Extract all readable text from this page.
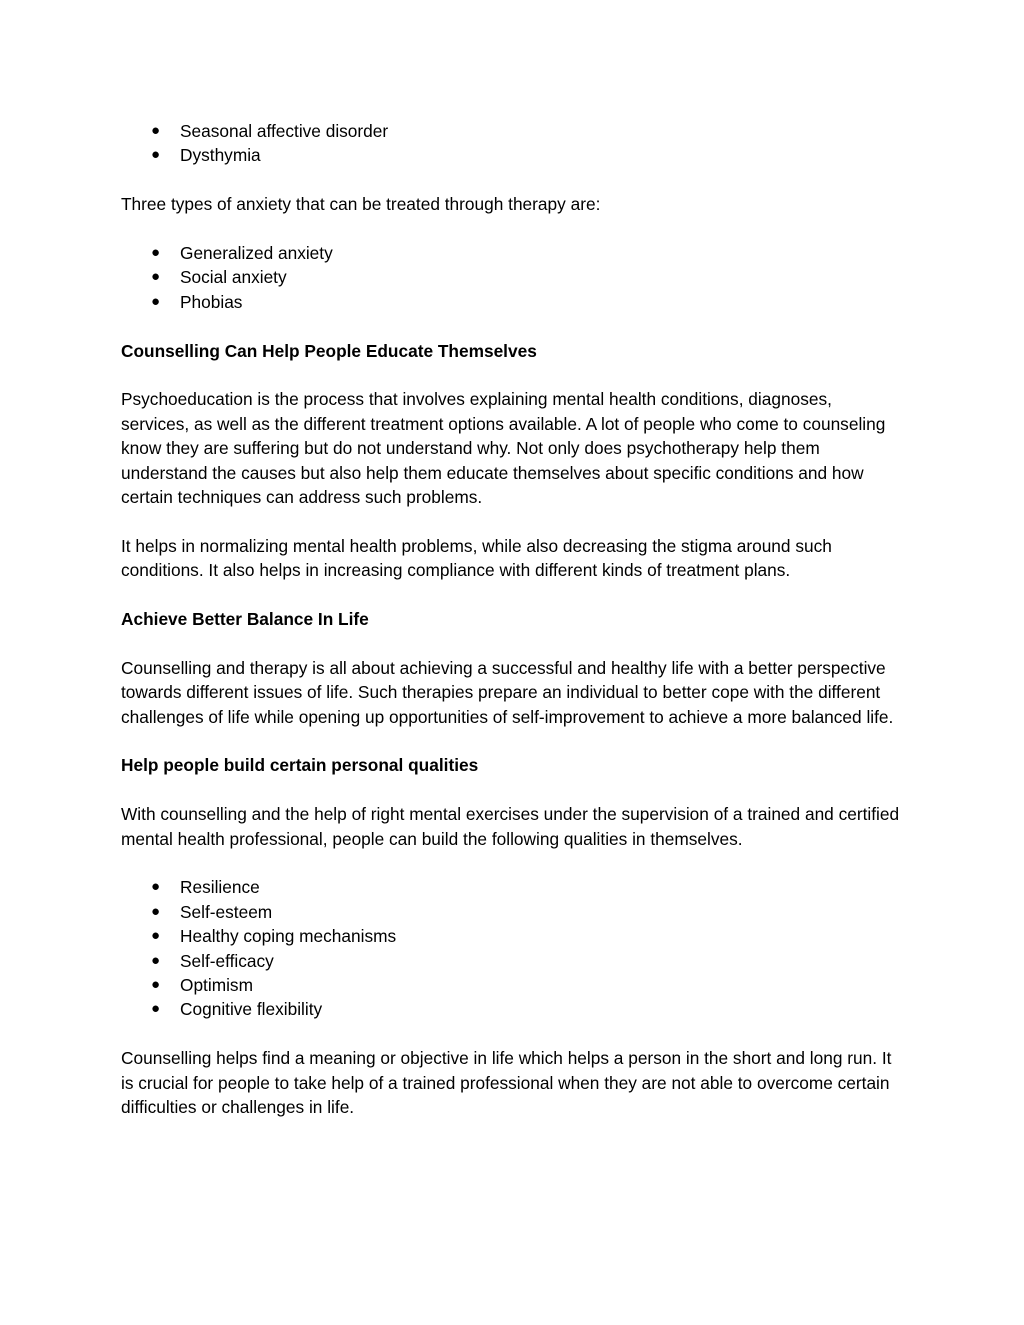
● Seasonal affective disorder
● Dysthymia

Three types of anxiety that can be treated through therapy are:

● Generalized anxiety
● Social anxiety
● Phobias

Counselling Can Help People Educate Themselves

Psychoeducation is the process that involves explaining mental health conditions, diagnoses, services, as well as the different treatment options available. A lot of people who come to counseling know they are suffering but do not understand why. Not only does psychotherapy help them understand the causes but also help them educate themselves about specific conditions and how certain techniques can address such problems.

It helps in normalizing mental health problems, while also decreasing the stigma around such conditions. It also helps in increasing compliance with different kinds of treatment plans.

Achieve Better Balance In Life

Counselling and therapy is all about achieving a successful and healthy life with a better perspective towards different issues of life. Such therapies prepare an individual to better cope with the different challenges of life while opening up opportunities of self-improvement to achieve a more balanced life.

Help people build certain personal qualities

With counselling and the help of right mental exercises under the supervision of a trained and certified mental health professional, people can build the following qualities in themselves.

● Resilience
● Self-esteem
● Healthy coping mechanisms
● Self-efficacy
● Optimism
● Cognitive flexibility

Counselling helps find a meaning or objective in life which helps a person in the short and long run. It is crucial for people to take help of a trained professional when they are not able to overcome certain difficulties or challenges in life.
